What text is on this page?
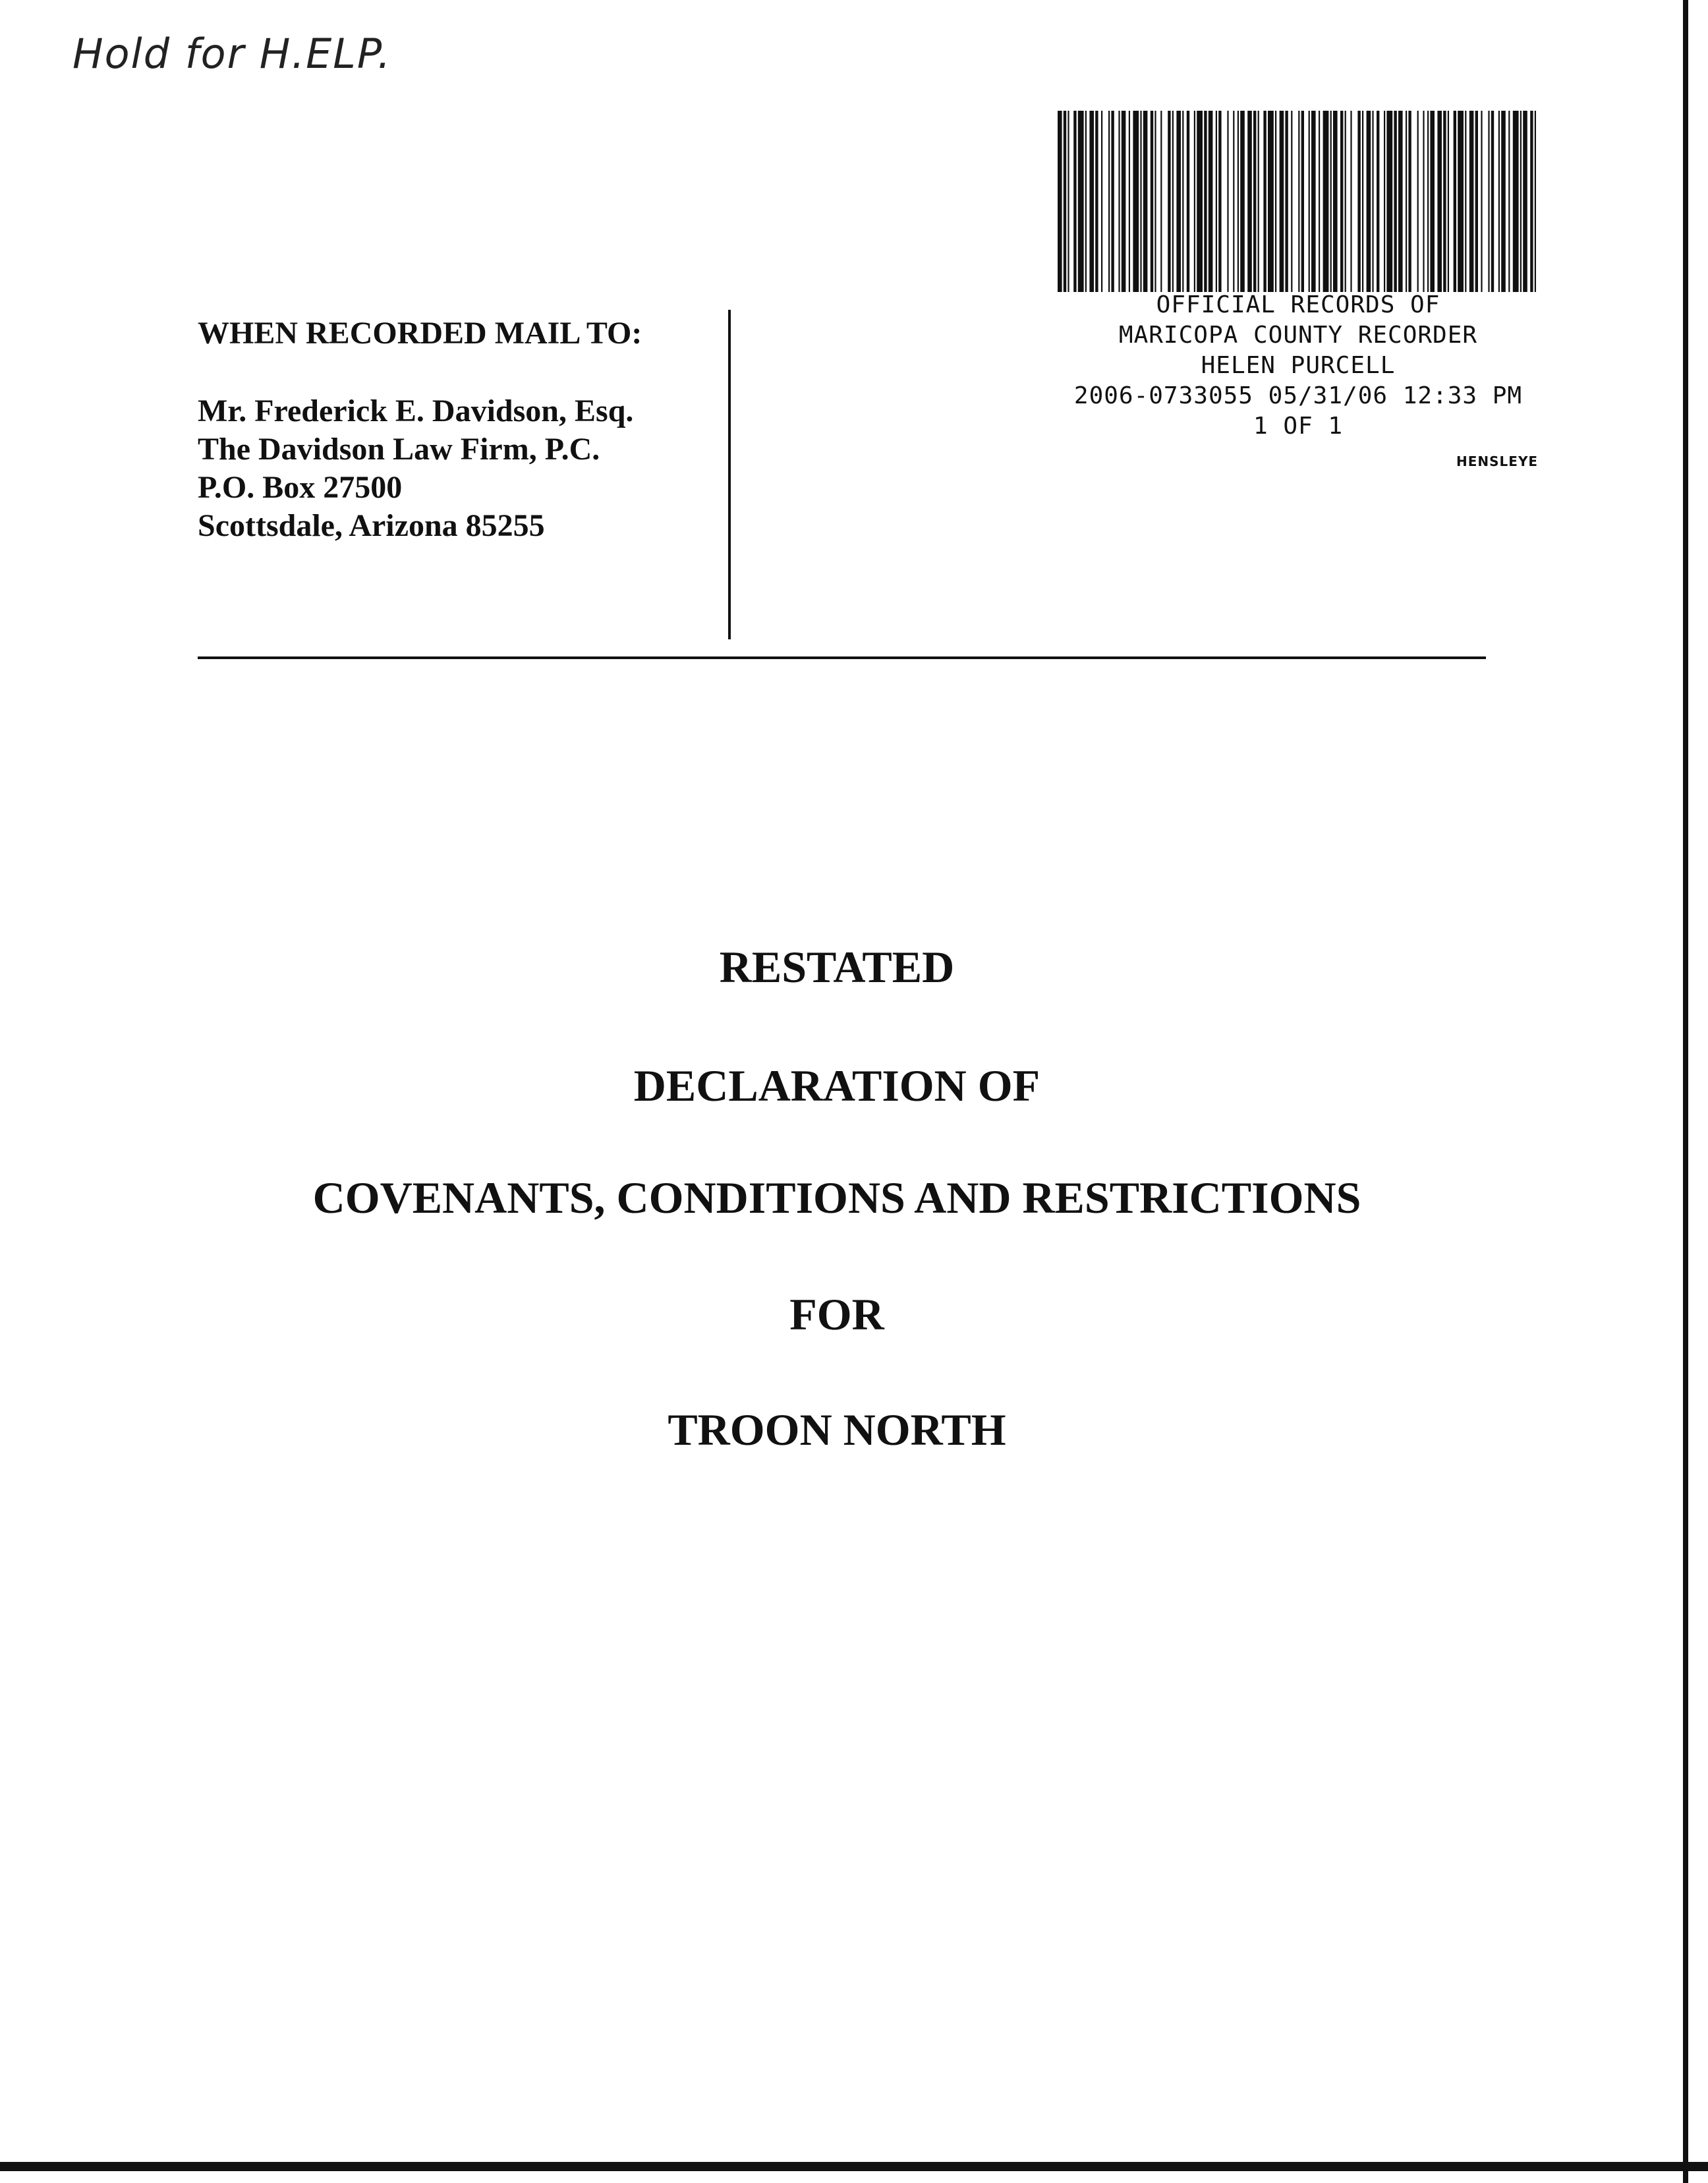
Hold for H.ELP.
WHEN RECORDED MAIL TO:
Mr. Frederick E. Davidson, Esq.
The Davidson Law Firm, P.C.
P.O. Box 27500
Scottsdale, Arizona 85255
OFFICIAL RECORDS OF
MARICOPA COUNTY RECORDER
HELEN PURCELL
2006-0733055 05/31/06 12:33 PM
1 OF 1
HENSLEYE
RESTATED
DECLARATION OF
COVENANTS, CONDITIONS AND RESTRICTIONS
FOR
TROON NORTH
